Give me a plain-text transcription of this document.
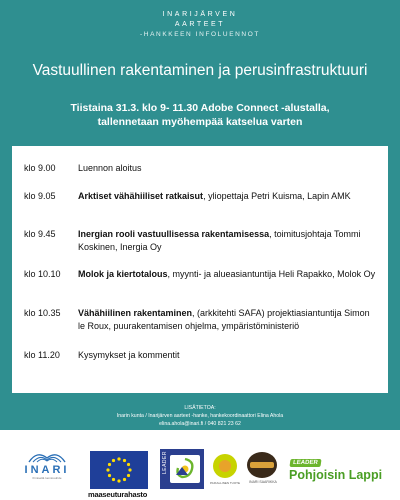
INARIJÄRVEN
AARTEET
-HANKKEEN INFOLUENNOT
Vastuullinen rakentaminen ja perusinfrastruktuuri
Tiistaina 31.3. klo 9- 11.30 Adobe Connect -alustalla,
tallennetaan myöhempää katselua varten
klo 9.00 Luennon aloitus
klo 9.05 Arktiset vähähiiliset ratkaisut, yliopettaja Petri Kuisma, Lapin AMK
klo 9.45 Inergian rooli vastuullisessa rakentamisessa, toimitusjohtaja Tommi Koskinen, Inergia Oy
klo 10.10 Molok ja kiertotalous, myynti- ja alueasiantuntija Heli Rapakko, Molok Oy
klo 10.35 Vähähiilinen rakentaminen, (arkkitehti SAFA) projektiasiantuntija Simon le Roux, puurakentamisen ohjelma, ympäristöministeriö
klo 11.20 Kysymykset ja kommentit
LISÄTIETOA:
Inarin kunta / Inarijärven aarteet -hanke, hankekoordinaattori Elina Ahola
elina.ahola@inari.fi / 040 821 23 62
INARI
Ihmisellä luontosuhde
maaseuturahasto
LEADER
PAIKALLINEN TUOTE	INARI SAARIKKA
LEADER
Pohjoisin Lappi
